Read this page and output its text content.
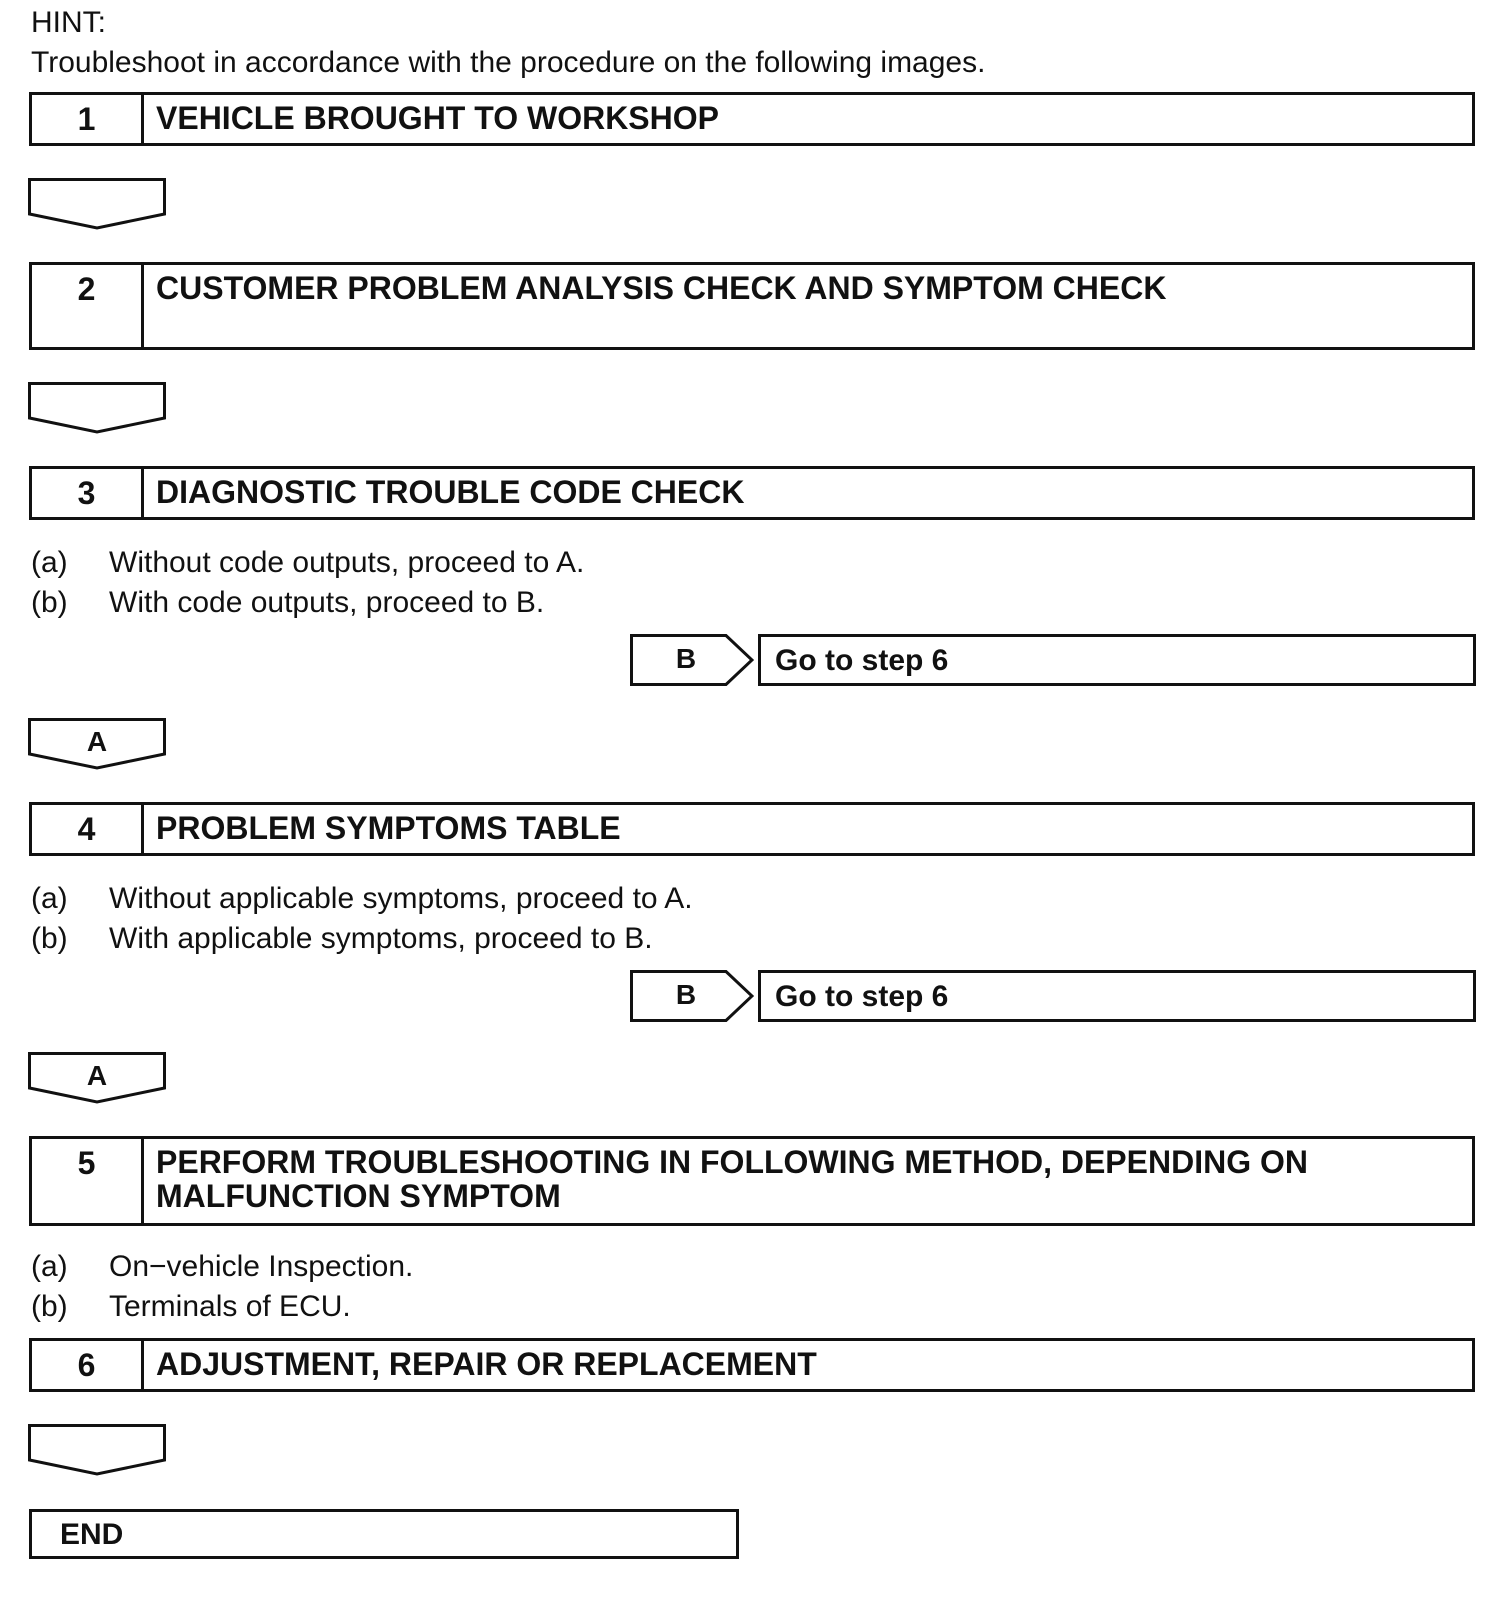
HINT:
Troubleshoot in accordance with the procedure on the following images.
1	VEHICLE BROUGHT TO WORKSHOP
2	CUSTOMER PROBLEM ANALYSIS CHECK AND SYMPTOM CHECK
3	DIAGNOSTIC TROUBLE CODE CHECK
(a) Without code outputs, proceed to A.
(b) With code outputs, proceed to B.
B	Go to step 6
A
4	PROBLEM SYMPTOMS TABLE
(a) Without applicable symptoms, proceed to A.
(b) With applicable symptoms, proceed to B.
B	Go to step 6
A
5	PERFORM TROUBLESHOOTING IN FOLLOWING METHOD, DEPENDING ON MALFUNCTION SYMPTOM
(a) On−vehicle Inspection.
(b) Terminals of ECU.
6	ADJUSTMENT, REPAIR OR REPLACEMENT
END
